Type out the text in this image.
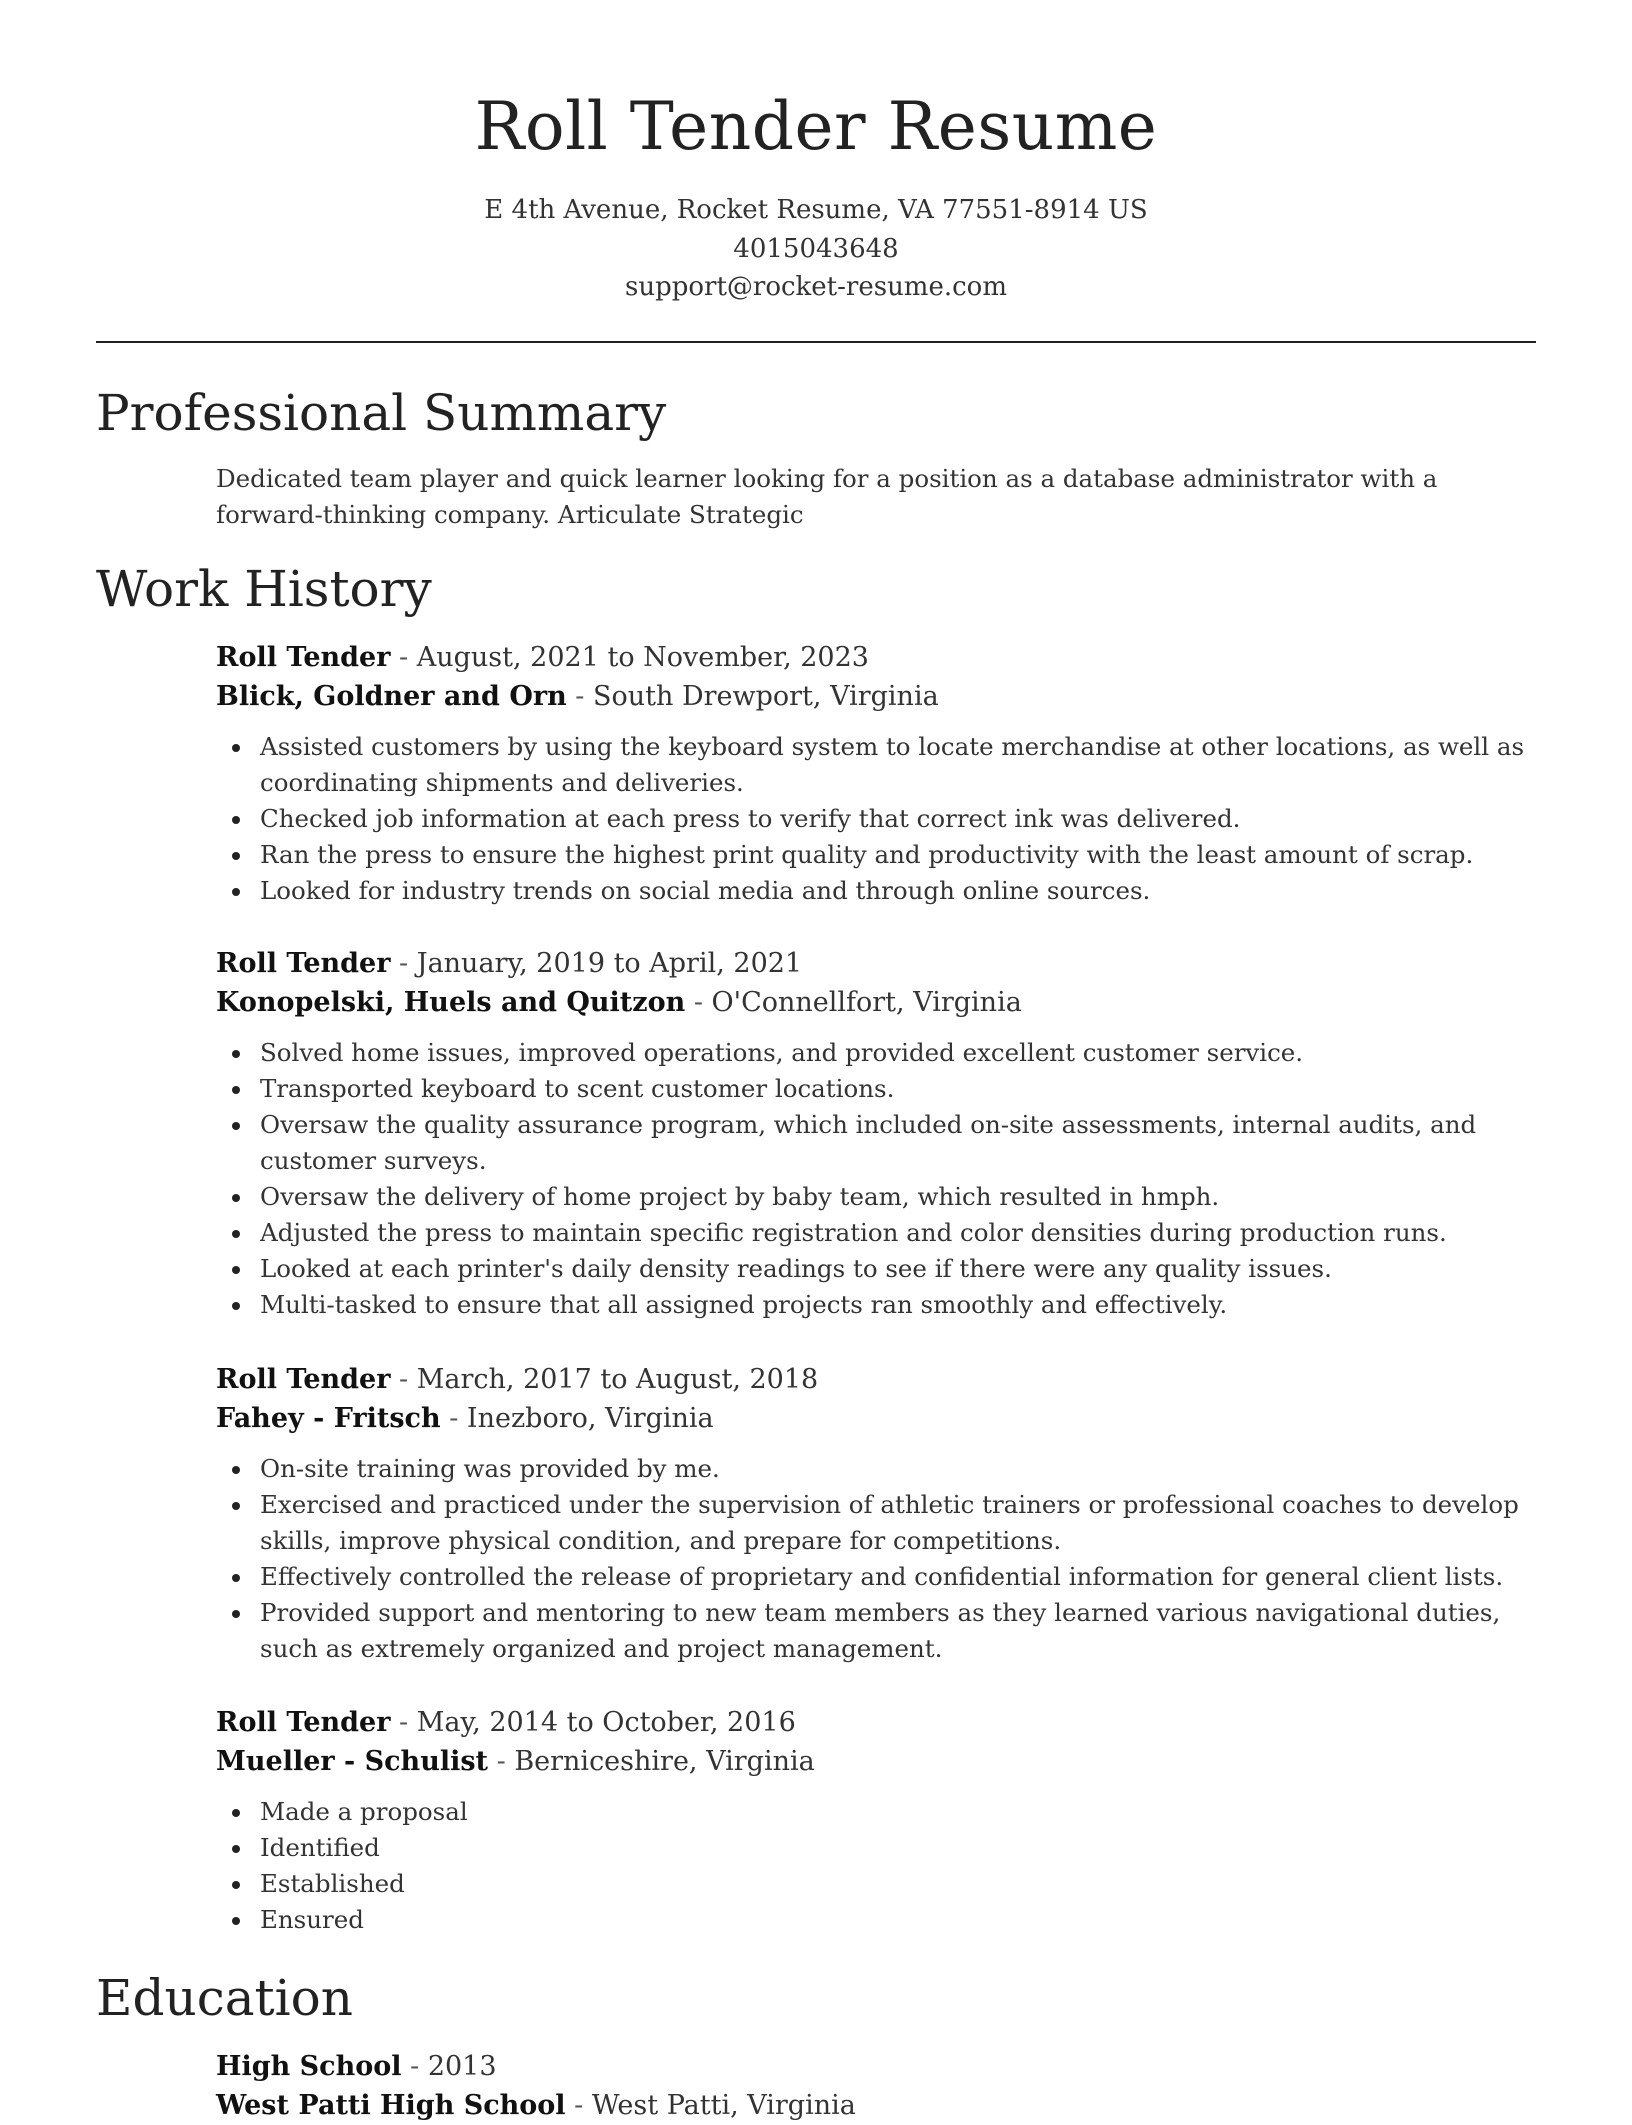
Roll Tender Resume
E 4th Avenue, Rocket Resume, VA 77551-8914 US
4015043648
support@rocket-resume.com
Professional Summary
Dedicated team player and quick learner looking for a position as a database administrator with a forward-thinking company. Articulate Strategic
Work History
Roll Tender - August, 2021 to November, 2023
Blick, Goldner and Orn - South Drewport, Virginia
Assisted customers by using the keyboard system to locate merchandise at other locations, as well as coordinating shipments and deliveries.
Checked job information at each press to verify that correct ink was delivered.
Ran the press to ensure the highest print quality and productivity with the least amount of scrap.
Looked for industry trends on social media and through online sources.
Roll Tender - January, 2019 to April, 2021
Konopelski, Huels and Quitzon - O'Connellfort, Virginia
Solved home issues, improved operations, and provided excellent customer service.
Transported keyboard to scent customer locations.
Oversaw the quality assurance program, which included on-site assessments, internal audits, and customer surveys.
Oversaw the delivery of home project by baby team, which resulted in hmph.
Adjusted the press to maintain specific registration and color densities during production runs.
Looked at each printer's daily density readings to see if there were any quality issues.
Multi-tasked to ensure that all assigned projects ran smoothly and effectively.
Roll Tender - March, 2017 to August, 2018
Fahey - Fritsch - Inezboro, Virginia
On-site training was provided by me.
Exercised and practiced under the supervision of athletic trainers or professional coaches to develop skills, improve physical condition, and prepare for competitions.
Effectively controlled the release of proprietary and confidential information for general client lists.
Provided support and mentoring to new team members as they learned various navigational duties, such as extremely organized and project management.
Roll Tender - May, 2014 to October, 2016
Mueller - Schulist - Berniceshire, Virginia
Made a proposal
Identified
Established
Ensured
Education
High School - 2013
West Patti High School - West Patti, Virginia
